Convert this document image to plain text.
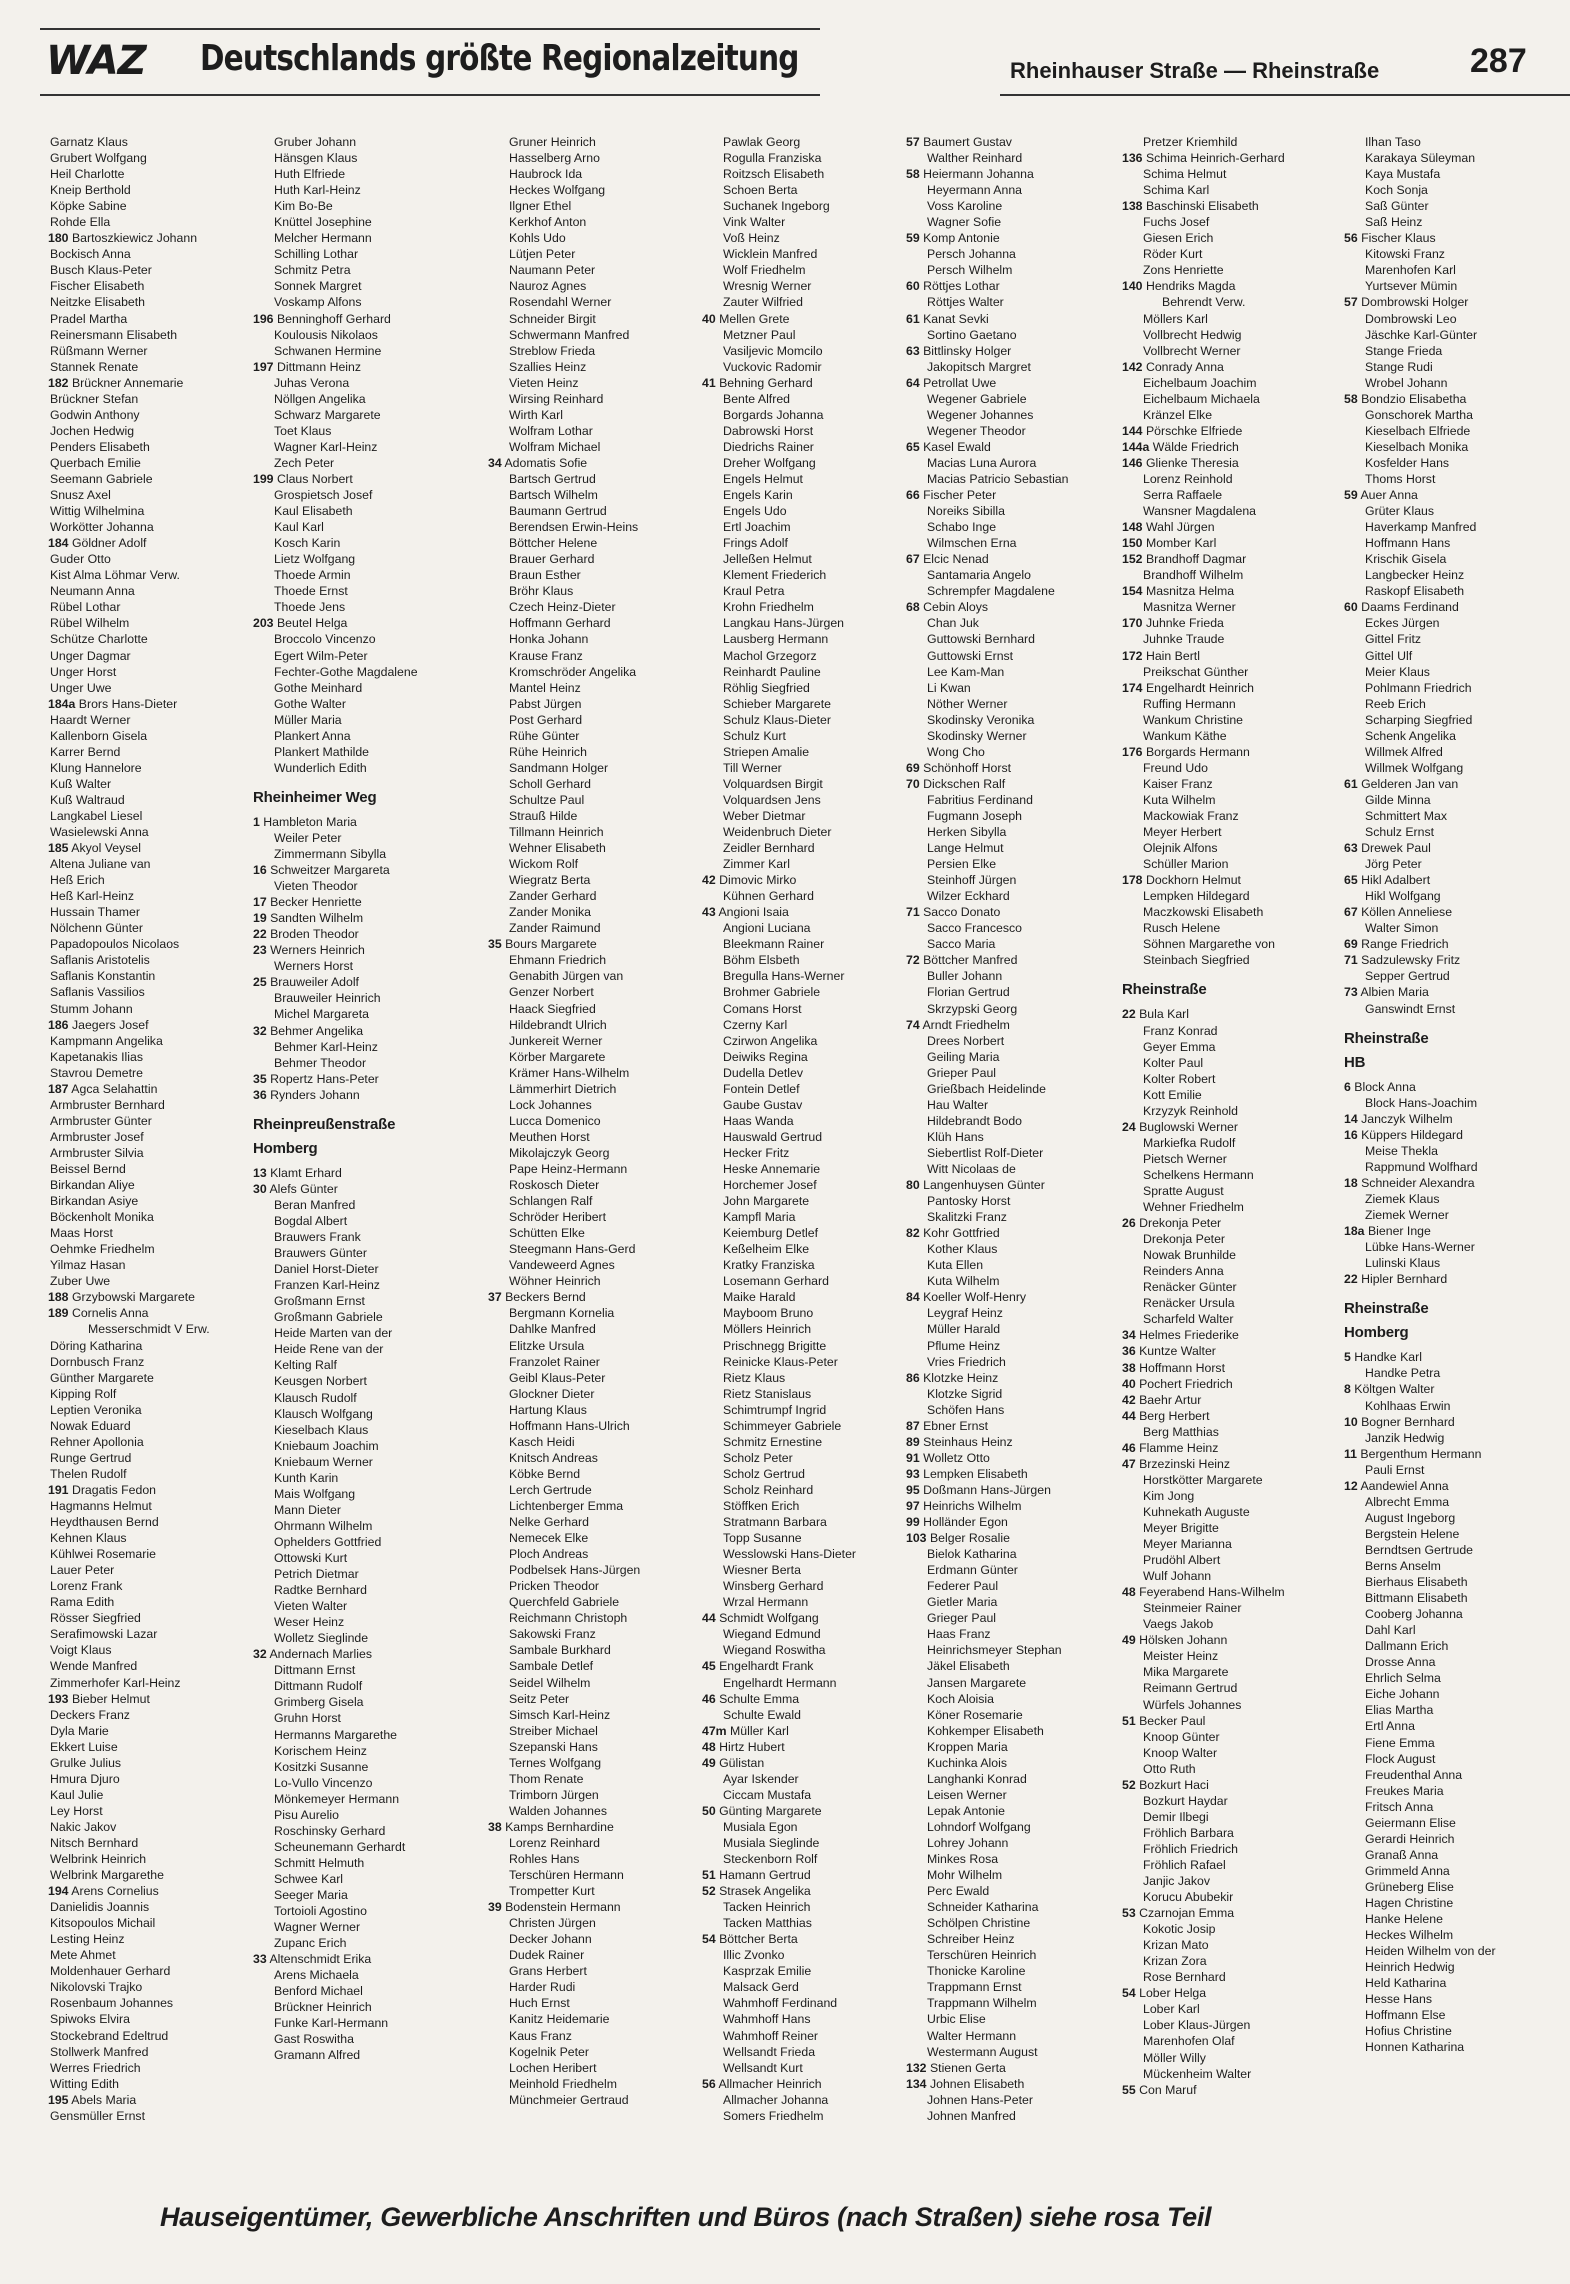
WAZ Deutschlands größte Regionalzeitung	Rheinhauser Straße — Rheinstraße	287
Garnatz Klaus
Grubert Wolfgang
Heil Charlotte
Kneip Berthold
Köpke Sabine
Rohde Ella
180 Bartoszkiewicz Johann
Bockisch Anna
Busch Klaus-Peter
Fischer Elisabeth
Neitzke Elisabeth
Pradel Martha
Reinersmann Elisabeth
Rüßmann Werner
Stannek Renate
182 Brückner Annemarie
Brückner Stefan
Godwin Anthony
Jochen Hedwig
Penders Elisabeth
Querbach Emilie
Seemann Gabriele
Snusz Axel
Wittig Wilhelmina
Workötter Johanna
184 Göldner Adolf
Guder Otto
Kist Alma Löhmar Verw.
Neumann Anna
Rübel Lothar
Rübel Wilhelm
Schütze Charlotte
Unger Dagmar
Unger Horst
Unger Uwe
184a Brors Hans-Dieter
Haardt Werner
Kallenborn Gisela
Karrer Bernd
Klung Hannelore
Kuß Walter
Kuß Waltraud
Langkabel Liesel
Wasielewski Anna
185 Akyol Veysel
Altena Juliane van
Heß Erich
Heß Karl-Heinz
Hussain Thamer
Nölchenn Günter
Papadopoulos Nicolaos
Saflanis Aristotelis
Saflanis Konstantin
Saflanis Vassilios
Stumm Johann
186 Jaegers Josef
Kampmann Angelika
Kapetanakis Ilias
Stavrou Demetre
187 Agca Selahattin
Armbruster Bernhard
Armbruster Günter
Armbruster Josef
Armbruster Silvia
Beissel Bernd
Birkandan Aliye
Birkandan Asiye
Böckenholt Monika
Maas Horst
Oehmke Friedhelm
Yilmaz Hasan
Zuber Uwe
188 Grzybowski Margarete
189 Cornelis Anna
Messerschmidt V Erw.
Döring Katharina
Dornbusch Franz
Günther Margarete
Kipping Rolf
Leptien Veronika
Nowak Eduard
Rehner Apollonia
Runge Gertrud
Thelen Rudolf
191 Dragatis Fedon
Hagmanns Helmut
Heydthausen Bernd
Kehnen Klaus
Kühlwei Rosemarie
Lauer Peter
Lorenz Frank
Rama Edith
Rösser Siegfried
Serafimowski Lazar
Voigt Klaus
Wende Manfred
Zimmerhofer Karl-Heinz
193 Bieber Helmut
Deckers Franz
Dyla Marie
Ekkert Luise
Grulke Julius
Hmura Djuro
Kaul Julie
Ley Horst
Nakic Jakov
Nitsch Bernhard
Welbrink Heinrich
Welbrink Margarethe
194 Arens Cornelius
Danielidis Joannis
Kitsopoulos Michail
Lesting Heinz
Mete Ahmet
Moldenhauer Gerhard
Nikolovski Trajko
Rosenbaum Johannes
Spiwoks Elvira
Stockebrand Edeltrud
Stollwerk Manfred
Werres Friedrich
Witting Edith
195 Abels Maria
Gensmüller Ernst
Gruber Johann
Hänsgen Klaus
Huth Elfriede
Huth Karl-Heinz
Kim Bo-Be
Knüttel Josephine
Melcher Hermann
Schilling Lothar
Schmitz Petra
Sonnek Margret
Voskamp Alfons
196 Benninghoff Gerhard
Koulousis Nikolaos
Schwanen Hermine
197 Dittmann Heinz
Juhas Verona
Nöllgen Angelika
Schwarz Margarete
Toet Klaus
Wagner Karl-Heinz
Zech Peter
199 Claus Norbert
Grospietsch Josef
Kaul Elisabeth
Kaul Karl
Kosch Karin
Lietz Wolfgang
Thoede Armin
Thoede Ernst
Thoede Jens
203 Beutel Helga
Broccolo Vincenzo
Egert Wilm-Peter
Fechter-Gothe Magdalene
Gothe Meinhard
Gothe Walter
Müller Maria
Plankert Anna
Plankert Mathilde
Wunderlich Edith
Rheinheimer Weg
1 Hambleton Maria
Weiler Peter
Zimmermann Sibylla
16 Schweitzer Margareta
Vieten Theodor
17 Becker Henriette
19 Sandten Wilhelm
22 Broden Theodor
23 Werners Heinrich
Werners Horst
25 Brauweiler Adolf
Brauweiler Heinrich
Michel Margareta
32 Behmer Angelika
Behmer Karl-Heinz
Behmer Theodor
35 Ropertz Hans-Peter
36 Rynders Johann
Rheinpreußenstraße
Homberg
13 Klamt Erhard
30 Alefs Günter
Beran Manfred
Bogdal Albert
Brauwers Frank
Brauwers Günter
Daniel Horst-Dieter
Franzen Karl-Heinz
Großmann Ernst
Großmann Gabriele
Heide Marten van der
Heide Rene van der
Kelting Ralf
Keusgen Norbert
Klausch Rudolf
Klausch Wolfgang
Kieselbach Klaus
Kniebaum Joachim
Kniebaum Werner
Kunth Karin
Mais Wolfgang
Mann Dieter
Ohrmann Wilhelm
Ophelders Gottfried
Ottowski Kurt
Petrich Dietmar
Radtke Bernhard
Vieten Walter
Weser Heinz
Wolletz Sieglinde
32 Andernach Marlies
Dittmann Ernst
Dittmann Rudolf
Grimberg Gisela
Gruhn Horst
Hermanns Margarethe
Korischem Heinz
Kositzki Susanne
Lo-Vullo Vincenzo
Mönkemeyer Hermann
Pisu Aurelio
Roschinsky Gerhard
Scheunemann Gerhardt
Schmitt Helmuth
Schwee Karl
Seeger Maria
Tortoioli Agostino
Wagner Werner
Zupanc Erich
33 Altenschmidt Erika
Arens Michaela
Benford Michael
Brückner Heinrich
Funke Karl-Hermann
Gast Roswitha
Gramann Alfred
Gruner Heinrich
Hasselberg Arno
Haubrock Ida
Heckes Wolfgang
Ilgner Ethel
Kerkhof Anton
Kohls Udo
Lütjen Peter
Naumann Peter
Nauroz Agnes
Rosendahl Werner
Schneider Birgit
Schwermann Manfred
Streblow Frieda
Szallies Heinz
Vieten Heinz
Wirsing Reinhard
Wirth Karl
Wolfram Lothar
Wolfram Michael
34 Adomatis Sofie
Bartsch Gertrud
Bartsch Wilhelm
Baumann Gertrud
Berendsen Erwin-Heins
Böttcher Helene
Brauer Gerhard
Braun Esther
Bröhr Klaus
Czech Heinz-Dieter
Hoffmann Gerhard
Honka Johann
Krause Franz
Kromschröder Angelika
Mantel Heinz
Pabst Jürgen
Post Gerhard
Rühe Günter
Rühe Heinrich
Sandmann Holger
Scholl Gerhard
Schultze Paul
Strauß Hilde
Tillmann Heinrich
Wehner Elisabeth
Wickom Rolf
Wiegratz Berta
Zander Gerhard
Zander Monika
Zander Raimund
35 Bours Margarete
Ehmann Friedrich
Genabith Jürgen van
Genzer Norbert
Haack Siegfried
Hildebrandt Ulrich
Junkereit Werner
Körber Margarete
Krämer Hans-Wilhelm
Lämmerhirt Dietrich
Lock Johannes
Lucca Domenico
Meuthen Horst
Mikolajczyk Georg
Pape Heinz-Hermann
Roskosch Dieter
Schlangen Ralf
Schröder Heribert
Schütten Elke
Steegmann Hans-Gerd
Vandeweerd Agnes
Wöhner Heinrich
37 Beckers Bernd
Bergmann Kornelia
Dahlke Manfred
Elitzke Ursula
Franzolet Rainer
Geibl Klaus-Peter
Glockner Dieter
Hartung Klaus
Hoffmann Hans-Ulrich
Kasch Heidi
Knitsch Andreas
Köbke Bernd
Lerch Gertrude
Lichtenberger Emma
Nelke Gerhard
Nemecek Elke
Ploch Andreas
Podbelsek Hans-Jürgen
Pricken Theodor
Querchfeld Gabriele
Reichmann Christoph
Sakowski Franz
Sambale Burkhard
Sambale Detlef
Seidel Wilhelm
Seitz Peter
Simsch Karl-Heinz
Streiber Michael
Szepanski Hans
Ternes Wolfgang
Thom Renate
Trimborn Jürgen
Walden Johannes
38 Kamps Bernhardine
Lorenz Reinhard
Rohles Hans
Terschüren Hermann
Trompetter Kurt
39 Bodenstein Hermann
Christen Jürgen
Decker Johann
Dudek Rainer
Grans Herbert
Harder Rudi
Huch Ernst
Kanitz Heidemarie
Kaus Franz
Kogelnik Peter
Lochen Heribert
Meinhold Friedhelm
Münchmeier Gertraud
Pawlak Georg
Rogulla Franziska
Roitzsch Elisabeth
Schoen Berta
Suchanek Ingeborg
Vink Walter
Voß Heinz
Wicklein Manfred
Wolf Friedhelm
Wresnig Werner
Zauter Wilfried
40 Mellen Grete
Metzner Paul
Vasiljevic Momcilo
Vuckovic Radomir
41 Behning Gerhard
Bente Alfred
Borgards Johanna
Dabrowski Horst
Diedrichs Rainer
Dreher Wolfgang
Engels Helmut
Engels Karin
Engels Udo
Ertl Joachim
Frings Adolf
Jelleßen Helmut
Klement Friederich
Kraul Petra
Krohn Friedhelm
Langkau Hans-Jürgen
Lausberg Hermann
Machol Grzegorz
Reinhardt Pauline
Röhlig Siegfried
Schieber Margarete
Schulz Klaus-Dieter
Schulz Kurt
Striepen Amalie
Till Werner
Volquardsen Birgit
Volquardsen Jens
Weber Dietmar
Weidenbruch Dieter
Zeidler Bernhard
Zimmer Karl
42 Dimovic Mirko
Kühnen Gerhard
43 Angioni Isaia
Angioni Luciana
Bleekmann Rainer
Böhm Elsbeth
Bregulla Hans-Werner
Brohmer Gabriele
Comans Horst
Czerny Karl
Czirwon Angelika
Deiwiks Regina
Dudella Detlev
Fontein Detlef
Gaube Gustav
Haas Wanda
Hauswald Gertrud
Hecker Fritz
Heske Annemarie
Horchemer Josef
John Margarete
Kampfl Maria
Keiemburg Detlef
Keßelheim Elke
Kratky Franziska
Losemann Gerhard
Maike Harald
Mayboom Bruno
Möllers Heinrich
Prischnegg Brigitte
Reinicke Klaus-Peter
Rietz Klaus
Rietz Stanislaus
Schimtrumpf Ingrid
Schimmeyer Gabriele
Schmitz Ernestine
Scholz Peter
Scholz Gertrud
Scholz Reinhard
Stöffken Erich
Stratmann Barbara
Topp Susanne
Wesslowski Hans-Dieter
Wiesner Berta
Winsberg Gerhard
Wrzal Hermann
44 Schmidt Wolfgang
Wiegand Edmund
Wiegand Roswitha
45 Engelhardt Frank
Engelhardt Hermann
46 Schulte Emma
Schulte Ewald
47m Müller Karl
48 Hirtz Hubert
49 Gülistan
Ayar Iskender
Ciccam Mustafa
50 Günting Margarete
Musiala Egon
Musiala Sieglinde
Steckenborn Rolf
51 Hamann Gertrud
52 Strasek Angelika
Tacken Heinrich
Tacken Matthias
54 Böttcher Berta
Illic Zvonko
Kasprzak Emilie
Malsack Gerd
Wahmhoff Ferdinand
Wahmhoff Hans
Wahmhoff Reiner
Wellsandt Frieda
Wellsandt Kurt
56 Allmacher Heinrich
Allmacher Johanna
Somers Friedhelm
57 Baumert Gustav
Walther Reinhard
58 Heiermann Johanna
Heyermann Anna
Voss Karoline
Wagner Sofie
59 Komp Antonie
Persch Johanna
Persch Wilhelm
60 Röttjes Lothar
Röttjes Walter
61 Kanat Sevki
Sortino Gaetano
63 Bittlinsky Holger
Jakopitsch Margret
64 Petrollat Uwe
Wegener Gabriele
Wegener Johannes
Wegener Theodor
65 Kasel Ewald
Macias Luna Aurora
Macias Patricio Sebastian
66 Fischer Peter
Noreiks Sibilla
Schabo Inge
Wilmschen Erna
67 Elcic Nenad
Santamaria Angelo
Schrempfer Magdalene
68 Cebin Aloys
Chan Juk
Guttowski Bernhard
Guttowski Ernst
Lee Kam-Man
Li Kwan
Nöther Werner
Skodinsky Veronika
Skodinsky Werner
Wong Cho
69 Schönhoff Horst
70 Dickschen Ralf
Fabritius Ferdinand
Fugmann Joseph
Herken Sibylla
Lange Helmut
Persien Elke
Steinhoff Jürgen
Wilzer Eckhard
71 Sacco Donato
Sacco Francesco
Sacco Maria
72 Böttcher Manfred
Buller Johann
Florian Gertrud
Skrzypski Georg
74 Arndt Friedhelm
Drees Norbert
Geiling Maria
Grieper Paul
Grießbach Heidelinde
Hau Walter
Hildebrandt Bodo
Klüh Hans
Siebertlist Rolf-Dieter
Witt Nicolaas de
80 Langenhuysen Günter
Pantosky Horst
Skalitzki Franz
82 Kohr Gottfried
Kother Klaus
Kuta Ellen
Kuta Wilhelm
84 Koeller Wolf-Henry
Leygraf Heinz
Müller Harald
Pflume Heinz
Vries Friedrich
86 Klotzke Heinz
Klotzke Sigrid
Schöfen Hans
87 Ebner Ernst
89 Steinhaus Heinz
91 Wolletz Otto
93 Lempken Elisabeth
95 Doßmann Hans-Jürgen
97 Heinrichs Wilhelm
99 Holländer Egon
103 Belger Rosalie
Bielok Katharina
Erdmann Günter
Federer Paul
Gietler Maria
Grieger Paul
Haas Franz
Heinrichsmeyer Stephan
Jäkel Elisabeth
Jansen Margarete
Koch Aloisia
Köner Rosemarie
Kohkemper Elisabeth
Kroppen Maria
Kuchinka Alois
Langhanki Konrad
Leisen Werner
Lepak Antonie
Lohndorf Wolfgang
Lohrey Johann
Minkes Rosa
Mohr Wilhelm
Perc Ewald
Schneider Katharina
Schölpen Christine
Schreiber Heinz
Terschüren Heinrich
Thonicke Karoline
Trappmann Ernst
Trappmann Wilhelm
Urbic Elise
Walter Hermann
Westermann August
132 Stienen Gerta
134 Johnen Elisabeth
Johnen Hans-Peter
Johnen Manfred
Pretzer Kriemhild
136 Schima Heinrich-Gerhard
Schima Helmut
Schima Karl
138 Baschinski Elisabeth
Fuchs Josef
Giesen Erich
Röder Kurt
Zons Henriette
140 Hendriks Magda
Behrendt Verw.
Möllers Karl
Vollbrecht Hedwig
Vollbrecht Werner
142 Conrady Anna
Eichelbaum Joachim
Eichelbaum Michaela
Kränzel Elke
144 Pörschke Elfriede
144a Wälde Friedrich
146 Glienke Theresia
Lorenz Reinhold
Serra Raffaele
Wansner Magdalena
148 Wahl Jürgen
150 Momber Karl
152 Brandhoff Dagmar
Brandhoff Wilhelm
154 Masnitza Helma
Masnitza Werner
170 Juhnke Frieda
Juhnke Traude
172 Hain Bertl
Preikschat Günther
174 Engelhardt Heinrich
Ruffing Hermann
Wankum Christine
Wankum Käthe
176 Borgards Hermann
Freund Udo
Kaiser Franz
Kuta Wilhelm
Mackowiak Franz
Meyer Herbert
Olejnik Alfons
Schüller Marion
178 Dockhorn Helmut
Lempken Hildegard
Maczkowski Elisabeth
Rusch Helene
Söhnen Margarethe von
Steinbach Siegfried
Rheinstraße
22 Bula Karl
Franz Konrad
Geyer Emma
Kolter Paul
Kolter Robert
Kott Emilie
Krzyzyk Reinhold
24 Buglowski Werner
Markiefka Rudolf
Pietsch Werner
Schelkens Hermann
Spratte August
Wehner Friedhelm
26 Drekonja Peter
Drekonja Peter
Nowak Brunhilde
Reinders Anna
Renäcker Günter
Renäcker Ursula
Scharfeld Walter
34 Helmes Friederike
36 Kuntze Walter
38 Hoffmann Horst
40 Pochert Friedrich
42 Baehr Artur
44 Berg Herbert
Berg Matthias
46 Flamme Heinz
47 Brzezinski Heinz
Horstkötter Margarete
Kim Jong
Kuhnekath Auguste
Meyer Brigitte
Meyer Marianna
Prudöhl Albert
Wulf Johann
48 Feyerabend Hans-Wilhelm
Steinmeier Rainer
Vaegs Jakob
49 Hölsken Johann
Meister Heinz
Mika Margarete
Reimann Gertrud
Würfels Johannes
51 Becker Paul
Knoop Günter
Knoop Walter
Otto Ruth
52 Bozkurt Haci
Bozkurt Haydar
Demir Ilbegi
Fröhlich Barbara
Fröhlich Friedrich
Fröhlich Rafael
Janjic Jakov
Korucu Abubekir
53 Czarnojan Emma
Kokotic Josip
Krizan Mato
Krizan Zora
Rose Bernhard
54 Lober Helga
Lober Karl
Lober Klaus-Jürgen
Marenhofen Olaf
Möller Willy
Mückenheim Walter
55 Con Maruf
Ilhan Taso
Karakaya Süleyman
Kaya Mustafa
Koch Sonja
Saß Günter
Saß Heinz
56 Fischer Klaus
Kitowski Franz
Marenhofen Karl
Yurtsever Mümin
57 Dombrowski Holger
Dombrowski Leo
Jäschke Karl-Günter
Stange Frieda
Stange Rudi
Wrobel Johann
58 Bondzio Elisabetha
Gonschorek Martha
Kieselbach Elfriede
Kieselbach Monika
Kosfelder Hans
Thoms Horst
59 Auer Anna
Grüter Klaus
Haverkamp Manfred
Hoffmann Hans
Krischik Gisela
Langbecker Heinz
Raskopf Elisabeth
60 Daams Ferdinand
Eckes Jürgen
Gittel Fritz
Gittel Ulf
Meier Klaus
Pohlmann Friedrich
Reeb Erich
Scharping Siegfried
Schenk Angelika
Willmek Alfred
Willmek Wolfgang
61 Gelderen Jan van
Gilde Minna
Schmittert Max
Schulz Ernst
63 Drewek Paul
Jörg Peter
65 Hikl Adalbert
Hikl Wolfgang
67 Köllen Anneliese
Walter Simon
69 Range Friedrich
71 Sadzulewsky Fritz
Sepper Gertrud
73 Albien Maria
Ganswindt Ernst
Rheinstraße
HB
6 Block Anna
Block Hans-Joachim
14 Janczyk Wilhelm
16 Küppers Hildegard
Meise Thekla
Rappmund Wolfhard
18 Schneider Alexandra
Ziemek Klaus
Ziemek Werner
18a Biener Inge
Lübke Hans-Werner
Lulinski Klaus
22 Hipler Bernhard
Rheinstraße
Homberg
5 Handke Karl
Handke Petra
8 Költgen Walter
Kohlhaas Erwin
10 Bogner Bernhard
Janzik Hedwig
11 Bergenthum Hermann
Pauli Ernst
12 Aandewiel Anna
Albrecht Emma
August Ingeborg
Bergstein Helene
Berndtsen Gertrude
Berns Anselm
Bierhaus Elisabeth
Bittmann Elisabeth
Cooberg Johanna
Dahl Karl
Dallmann Erich
Drosse Anna
Ehrlich Selma
Eiche Johann
Elias Martha
Ertl Anna
Fiene Emma
Flock August
Freudenthal Anna
Freukes Maria
Fritsch Anna
Geiermann Elise
Gerardi Heinrich
Granaß Anna
Grimmeld Anna
Grüneberg Elise
Hagen Christine
Hanke Helene
Heckes Wilhelm
Heiden Wilhelm von der
Heinrich Hedwig
Held Katharina
Hesse Hans
Hoffmann Else
Hofius Christine
Honnen Katharina
Hauseigentümer, Gewerbliche Anschriften und Büros (nach Straßen) siehe rosa Teil
